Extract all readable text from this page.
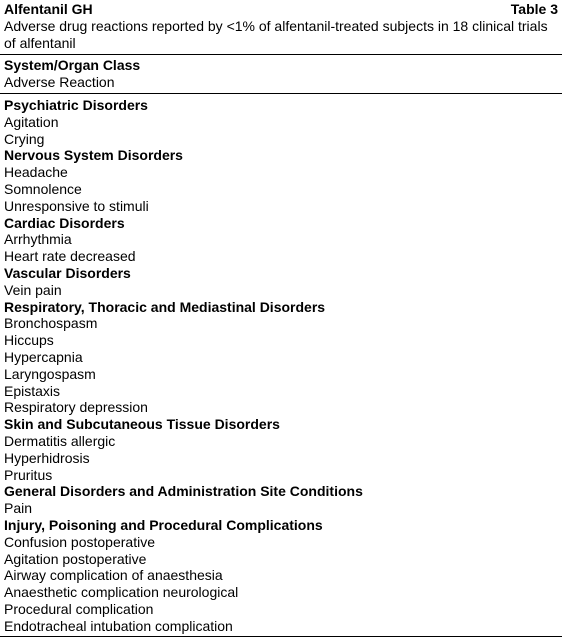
Alfentanil GH	Table 3
Adverse drug reactions reported by <1% of alfentanil-treated subjects in 18 clinical trials of alfentanil
System/Organ Class
Adverse Reaction
Psychiatric Disorders
Agitation
Crying
Nervous System Disorders
Headache
Somnolence
Unresponsive to stimuli
Cardiac Disorders
Arrhythmia
Heart rate decreased
Vascular Disorders
Vein pain
Respiratory, Thoracic and Mediastinal Disorders
Bronchospasm
Hiccups
Hypercapnia
Laryngospasm
Epistaxis
Respiratory depression
Skin and Subcutaneous Tissue Disorders
Dermatitis allergic
Hyperhidrosis
Pruritus
General Disorders and Administration Site Conditions
Pain
Injury, Poisoning and Procedural Complications
Confusion postoperative
Agitation postoperative
Airway complication of anaesthesia
Anaesthetic complication neurological
Procedural complication
Endotracheal intubation complication
